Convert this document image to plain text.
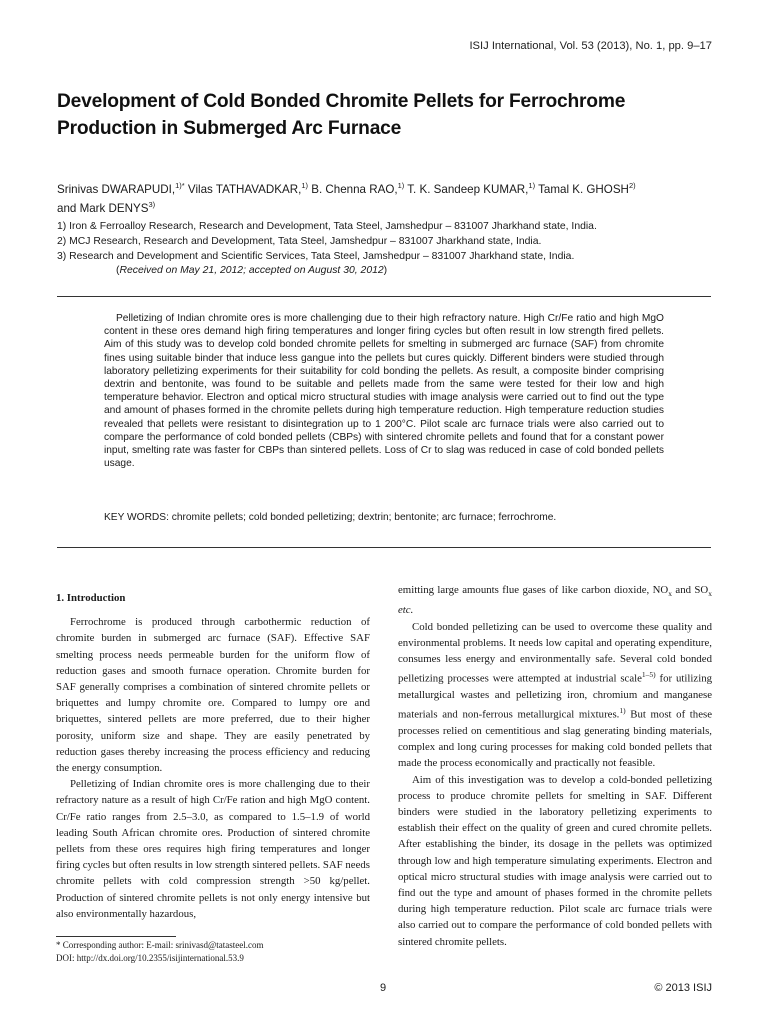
ISIJ International, Vol. 53 (2013), No. 1, pp. 9–17
Development of Cold Bonded Chromite Pellets for Ferrochrome Production in Submerged Arc Furnace
Srinivas DWARAPUDI,$^{1)*}$ Vilas TATHAVADKAR,$^{1)}$ B. Chenna RAO,$^{1)}$ T. K. Sandeep KUMAR,$^{1)}$ Tamal K. GHOSH$^{2)}$
and Mark DENYS$^{3)}$
1) Iron & Ferroalloy Research, Research and Development, Tata Steel, Jamshedpur – 831007 Jharkhand state, India.
2) MCJ Research, Research and Development, Tata Steel, Jamshedpur – 831007 Jharkhand state, India.
3) Research and Development and Scientific Services, Tata Steel, Jamshedpur – 831007 Jharkhand state, India.
(Received on May 21, 2012; accepted on August 30, 2012)

Pelletizing of Indian chromite ores is more challenging due to their high refractory nature. High Cr/Fe ratio and high MgO content in these ores demand high firing temperatures and longer firing cycles but often result in low strength fired pellets. Aim of this study was to develop cold bonded chromite pellets for smelting in submerged arc furnace (SAF) from chromite fines using suitable binder that induce less gangue into the pellets but cures quickly. Different binders were studied through laboratory pelletizing experiments for their suitability for cold bonding the pellets. As result, a composite binder comprising dextrin and bentonite, was found to be suitable and pellets made from the same were tested for their low and high temperature behavior. Electron and optical micro structural studies with image analysis were carried out to find out the type and amount of phases formed in the chromite pellets during high temperature reduction. High temperature reduction studies revealed that pellets were resistant to disintegration up to 1 200°C. Pilot scale arc furnace trials were also carried out to compare the performance of cold bonded pellets (CBPs) with sintered chromite pellets and found that for a constant power input, smelting rate was faster for CBPs than sintered pellets. Loss of Cr to slag was reduced in case of cold bonded pellets usage.

KEY WORDS: chromite pellets; cold bonded pelletizing; dextrin; bentonite; arc furnace; ferrochrome.
1. Introduction

Ferrochrome is produced through carbothermic reduction of chromite burden in submerged arc furnace (SAF). Effective SAF smelting process needs permeable burden for the uniform flow of reduction gases and smooth furnace operation. Chromite burden for SAF generally comprises a combination of sintered chromite pellets or briquettes and lumpy chromite ore. Compared to lumpy ore and briquettes, sintered pellets are more preferred, due to their higher porosity, uniform size and shape. They are easily penetrated by reduction gases thereby increasing the process efficiency and reducing the energy consumption.

Pelletizing of Indian chromite ores is more challenging due to their refractory nature as a result of high Cr/Fe ration and high MgO content. Cr/Fe ratio ranges from 2.5–3.0, as compared to 1.5–1.9 of world leading South African chromite ores. Production of sintered chromite pellets from these ores requires high firing temperatures and longer firing cycles but often results in low strength sintered pellets. SAF needs chromite pellets with cold compression strength >50 kg/pellet. Production of sintered chromite pellets is not only energy intensive but also environmentally hazardous,

emitting large amounts flue gases of like carbon dioxide, $NO_x$ and $SO_x$ etc.

Cold bonded pelletizing can be used to overcome these quality and environmental problems. It needs low capital and operating expenditure, consumes less energy and environmentally safe. Several cold bonded pelletizing processes were attempted at industrial scale$^{1-5)}$ for utilizing metallurgical wastes and pelletizing iron, chromium and manganese materials and non-ferrous metallurgical mixtures.$^{1)}$ But most of these processes relied on cementitious and slag generating binding materials, complex and long curing processes for making cold bonded pellets that made the process economically and practically not feasible.

Aim of this investigation was to develop a cold-bonded pelletizing process to produce chromite pellets for smelting in SAF. Different binders were studied in the laboratory pelletizing experiments to establish their effect on the quality of green and cured chromite pellets. After establishing the binder, its dosage in the pellets was optimized through low and high temperature simulating experiments. Electron and optical micro structural studies with image analysis were carried out to find out the type and amount of phases formed in the chromite pellets during high temperature reduction. Pilot scale arc furnace trials were also carried out to compare the performance of cold bonded pellets with sintered chromite pellets.

* Corresponding author: E-mail: srinivasd@tatasteel.com
DOI: http://dx.doi.org/10.2355/isijinternational.53.9
9	© 2013 ISIJ
